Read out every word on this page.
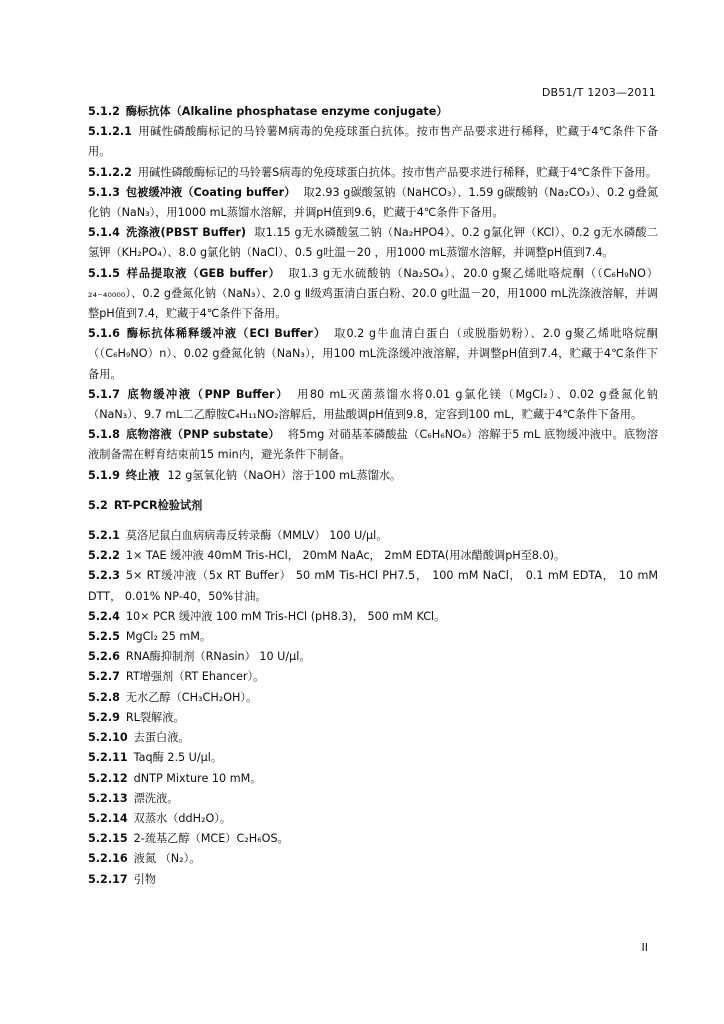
DB51/T 1203—2011

5.1.2 酶标抗体（Alkaline phosphatase enzyme conjugate）

5.1.2.1 用碱性磷酸酶标记的马铃薯M病毒的免疫球蛋白抗体。按市售产品要求进行稀释，贮藏于4℃条件下备用。

5.1.2.2 用碱性磷酸酶标记的马铃薯S病毒的免疫球蛋白抗体。按市售产品要求进行稀释，贮藏于4℃条件下备用。

5.1.3 包被缓冲液（Coating buffer） 取2.93 g碳酸氢钠（NaHCO₃）、1.59 g碳酸钠（Na₂CO₃）、0.2 g叠氮化钠（NaN₃），用1000 mL蒸馏水溶解，并调pH值到9.6，贮藏于4℃条件下备用。

5.1.4 洗涤液(PBST Buffer) 取1.15 g无水磷酸氢二钠（Na₂HPO4）、0.2 g氯化钾（KCl）、0.2 g无水磷酸二氢钾（KH₂PO₄）、8.0 g氯化钠（NaCl）、0.5 g吐温－20 ，用1000 mL蒸馏水溶解，并调整pH值到7.4。

5.1.5 样品提取液（GEB buffer） 取1.3 g无水硫酸钠（Na₂SO₄）、20.0 g聚乙烯吡咯烷酮（（C₆H₉NO）₂₄₋₄₀₀₀₀）、0.2 g叠氮化钠（NaN₃）、2.0 g Ⅱ级鸡蛋清白蛋白粉、20.0 g吐温－20，用1000 mL洗涤液溶解，并调整pH值到7.4，贮藏于4℃条件下备用。

5.1.6 酶标抗体稀释缓冲液（ECI Buffer） 取0.2 g牛血清白蛋白（或脱脂奶粉）、2.0 g聚乙烯吡咯烷酮（（C₆H₉NO）n）、0.02 g叠氮化钠（NaN₃），用100 mL洗涤缓冲液溶解，并调整pH值到7.4，贮藏于4℃条件下备用。

5.1.7 底物缓冲液（PNP Buffer） 用80 mL灭菌蒸馏水将0.01 g氯化镁（MgCl₂）、0.02 g叠氮化钠（NaN₃）、9.7 mL二乙醇胺C₄H₁₁NO₂溶解后，用盐酸调pH值到9.8，定容到100 mL，贮藏于4℃条件下备用。

5.1.8 底物溶液（PNP substate） 将5mg 对硝基苯磷酸盐（C₆H₆NO₆）溶解于5 mL 底物缓冲液中。底物溶液制备需在孵育结束前15 min内，避光条件下制备。

5.1.9 终止液 12 g氢氧化钠（NaOH）溶于100 mL蒸馏水。

5.2 RT-PCR检验试剂

5.2.1 莫洛尼鼠白血病病毒反转录酶（MMLV） 100 U/μl。

5.2.2 1× TAE 缓冲液 40mM Tris-HCl， 20mM NaAc， 2mM EDTA(用冰醋酸调pH至8.0)。

5.2.3 5× RT缓冲液（5x RT Buffer） 50 mM Tis-HCl PH7.5， 100 mM NaCl， 0.1 mM EDTA， 10 mM DTT， 0.01% NP-40，50%甘油。

5.2.4 10× PCR 缓冲液 100 mM Tris-HCl (pH8.3)， 500 mM KCl。

5.2.5 MgCl₂ 25 mM。

5.2.6 RNA酶抑制剂（RNasin） 10 U/μl。

5.2.7 RT增强剂（RT Ehancer）。

5.2.8 无水乙醇（CH₃CH₂OH）。

5.2.9 RL裂解液。

5.2.10 去蛋白液。

5.2.11 Taq酶 2.5 U/μl。

5.2.12 dNTP Mixture 10 mM。

5.2.13 漂洗液。

5.2.14 双蒸水（ddH₂O）。

5.2.15 2-巯基乙醇（MCE）C₂H₆OS。

5.2.16 液氮 （N₂）。

5.2.17 引物

II
